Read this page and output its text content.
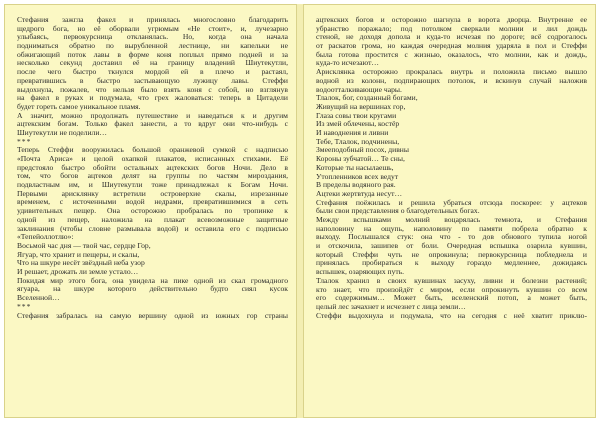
Стефания зажгла факел и принялась многословно благодарить
щедрого бога, но её оборвали угрюмым «Не стоит», и, лучезарно
улыбаясь, первокурсница откланялась. Но, когда она начала
подниматься обратно по вырубленной лестнице, ни капельки не
обжигающий поток лавы в форме коня поплыл прямо подней и за
несколько секунд доставил её на границу владений Шиутекутли,
после чего быстро ткнулся мордой ей в плечо и растаял,
превратившись в быстро застывающую лужицу лавы. Стеффи
выдохнула, пожалев, что нельзя было взять коня с собой, но взглянув
на факел в руках и подумала, что грех жаловаться: теперь в Цитадели
будет гореть самое уникальное пламя.
А значит, можно продолжать путешествие и наведаться к и другим
ацтекским богам. Только факел занести, а то вдруг они что-нибудь с
Шиутекутли не поделили…
***
Теперь Стеффи вооружилась большой оранжевой сумкой с надписью
«Почта Ариса» и целой охапкой плакатов, исписанных стихами. Её
предстояло быстро обойти остальных ацтекских богов Ночи. Дело в
том, что богов ацтеков делят на группы по частям мироздания,
подвластным им, и Шиутекутли тоже принадлежал к Богам Ночи.
Первыми арисклянку встретили островерхие скалы, изрезанные
временем, с источенными водой недрами, превратившимися в сеть
удивительных пещер. Она осторожно пробралась по тропинке к
одной из пещер, наложила на плакат всевозможные защитные
заклинания (чтобы словне размывала водой) и оставила его с подписью
«Тепейоллотлю»:
Восьмой час дня — твой час, сердце Гор,
Ягуар, что хранит и пещеры, и скалы,
Что на шкуре несёт звёздный небa узор
И решает, дрожать ли земле устало…
Покидая мир этого бога, она увидела на пике одной из скал громадного
ягуара, на шкуре которого действительно будто сиял кусок
Вселенной…
***
Стефания забралась на самую вершину одной из южных гор страны
ацтекских богов и осторожно шагнула в ворота дворца. Внутренне ее
убранство поражало; под потолком сверкали молнии и лил дождь
стеной, не доходя дополa и куда-то исчезая по дороге; всё содрогалось
от раскатов грома, но каждая очередная молния ударяла в пол и Стеффи
была готова простится с жизнью, оказалось, что молнии, как и дождь,
куда-то исчезают…
Арисклянка осторожно прокралась внутрь и положила письмо вышло
водной из колонн, подпирающих потолок, и вскинув случай наложив
водоотталкивающие чары.
Тлалок, бог, созданный богами,
Живущий на вершинах гор,
Глаза совы твои кругами
Из змей облечены, костёр
И наводнения и ливни
Тебе, Тлалок, подчинены,
Змееподобный посох, дивны
Короны зубчатой… Те сны,
Которые ты насылаешь,
Утопленников всех ведут
В пределы водяного рая.
Ацтеки жертвтуда несут…
Стефания поёжилась и решила убраться отсюда поскорее: у ацтеков
были свои представления о благодетельных богах.
Между вспышками молний воцарялась темнота, и Стефания
наполовину на ощупь, наполовину по памяти побрела обратно к
выходу. Послышался стук: она что - то дов обнового тупила ногой
и отскочила, зашипев от боли. Очередная вспышка озарила кувшин,
который Стеффи чуть не опрокинула; первокурсница побледнела и
принялась пробираться к выходу гораздо медленнее, дожидаясь
вспышек, озаряющих путь.
Тлалок хранил в своих кувшинах засуху, ливни и болезни растений;
кто знает, что произойдёт с миром, если опрокинуть кувшин со всем
его содержимым… Может быть, вселенский потоп, а может быть,
целый лес зачахнет и исчезнет с лица земли…
Стеффи выдохнула и подумала, что на сегодня с неё хватит приклю-
